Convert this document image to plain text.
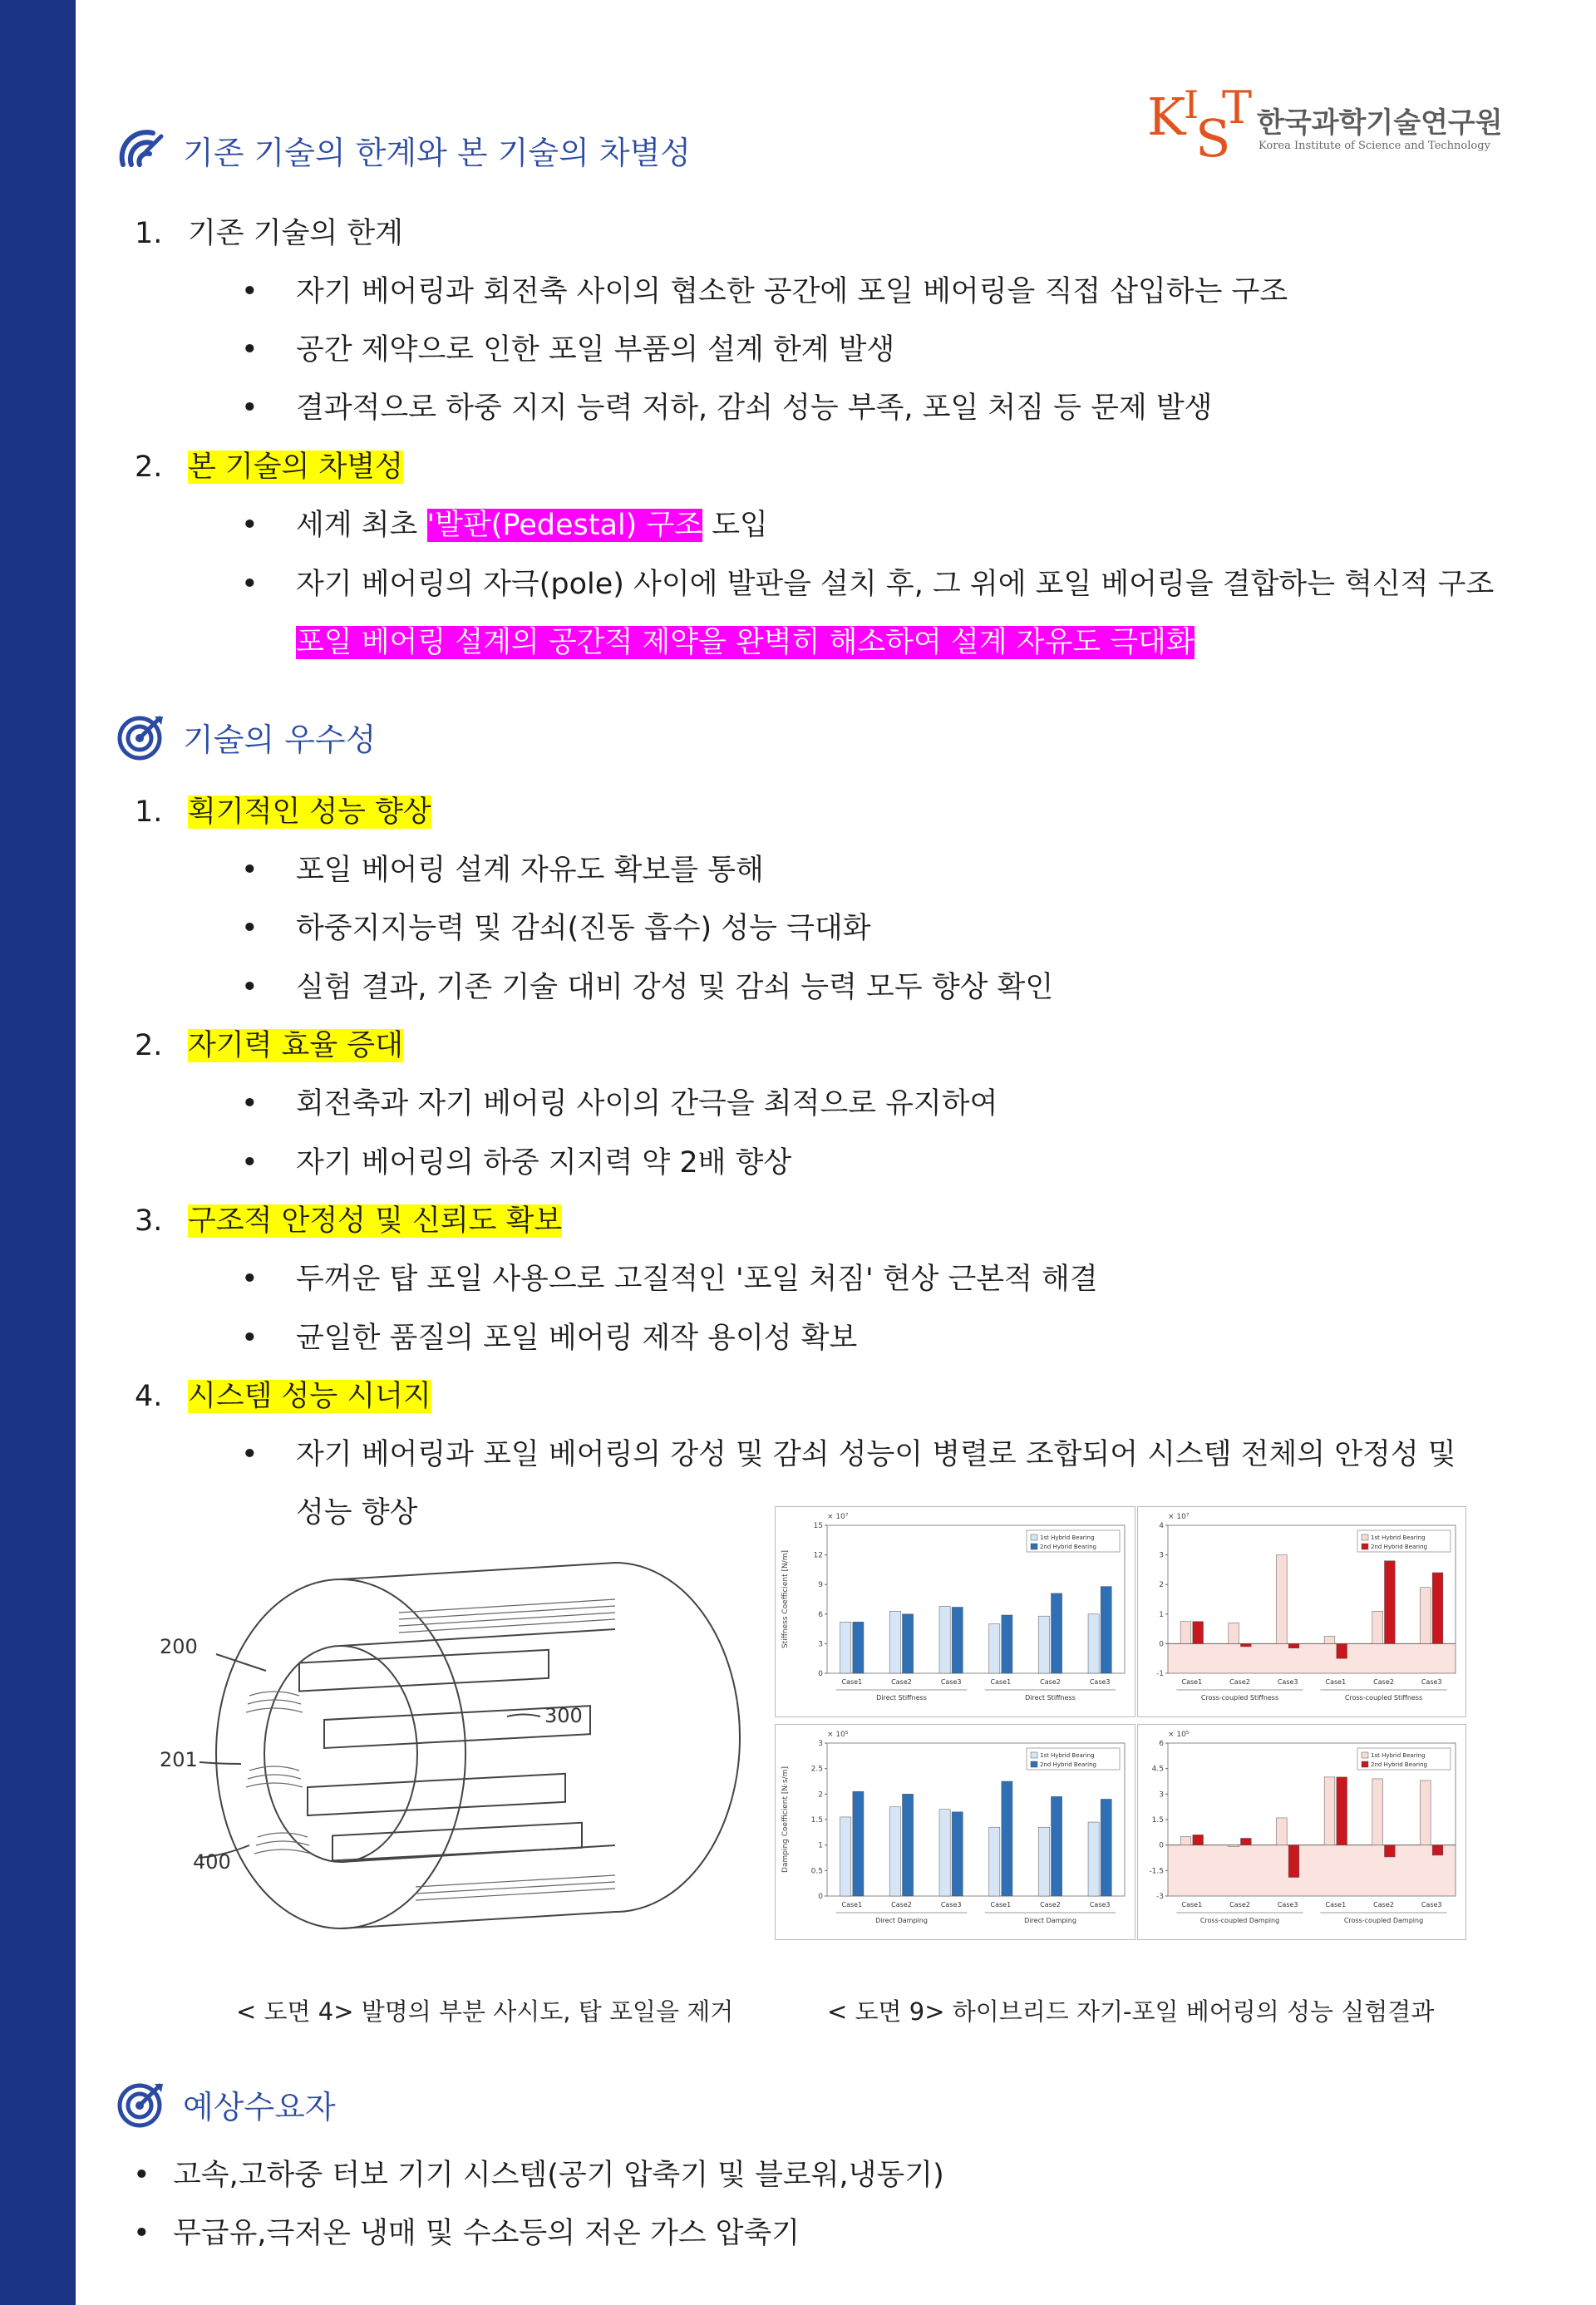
K
I
S
T 한국과학기술연구원
Korea Institute of Science and Technology
기존 기술의 한계와 본 기술의 차별성
1. 기존 기술의 한계
• 자기 베어링과 회전축 사이의 협소한 공간에 포일 베어링을 직접 삽입하는 구조
• 공간 제약으로 인한 포일 부품의 설계 한계 발생
• 결과적으로 하중 지지 능력 저하, 감쇠 성능 부족, 포일 처짐 등 문제 발생
2. 본 기술의 차별성
• 세계 최초 '발판(Pedestal) 구조 도입
• 자기 베어링의 자극(pole) 사이에 발판을 설치 후, 그 위에 포일 베어링을 결합하는 혁신적 구조
포일 베어링 설계의 공간적 제약을 완벽히 해소하여 설계 자유도 극대화
기술의 우수성
1. 획기적인 성능 향상
• 포일 베어링 설계 자유도 확보를 통해
• 하중지지능력 및 감쇠(진동 흡수) 성능 극대화
• 실험 결과, 기존 기술 대비 강성 및 감쇠 능력 모두 향상 확인
2. 자기력 효율 증대
• 회전축과 자기 베어링 사이의 간극을 최적으로 유지하여
• 자기 베어링의 하중 지지력 약 2배 향상
3. 구조적 안정성 및 신뢰도 확보
• 두꺼운 탑 포일 사용으로 고질적인 '포일 처짐' 현상 근본적 해결
• 균일한 품질의 포일 베어링 제작 용이성 확보
4. 시스템 성능 시너지
• 자기 베어링과 포일 베어링의 강성 및 감쇠 성능이 병렬로 조합되어 시스템 전체의 안정성 및
성능 향상
200
300
201
400
0
3
6
9
12
15
× 10⁷
Stiffness Coefficient [N/m]
1st Hybrid Bearing
2nd Hybrid Bearing
Case1	Case2	Case3	Case1	Case2	Case3
Direct Stiffness	Direct Stiffness
-1
0
1
2
3
4
× 10⁷
1st Hybrid Bearing
2nd Hybrid Bearing
Case1	Case2	Case3	Case1	Case2	Case3
Cross-coupled Stiffness	Cross-coupled Stiffness
0
0.5
1
1.5
2
2.5
3
× 10⁵
Damping Coefficient [N·s/m]
1st Hybrid Bearing
2nd Hybrid Bearing
Case1	Case2	Case3	Case1	Case2	Case3
Direct Damping	Direct Damping
-3
-1.5
0
1.5
3
4.5
6
× 10⁵
1st Hybrid Bearing
2nd Hybrid Bearing
Case1	Case2	Case3	Case1	Case2	Case3
Cross-coupled Damping	Cross-coupled Damping
< 도면 4> 발명의 부분 사시도, 탑 포일을 제거	< 도면 9> 하이브리드 자기-포일 베어링의 성능 실험결과
예상수요자
• 고속,고하중 터보 기기 시스템(공기 압축기 및 블로워,냉동기)
• 무급유,극저온 냉매 및 수소등의 저온 가스 압축기
